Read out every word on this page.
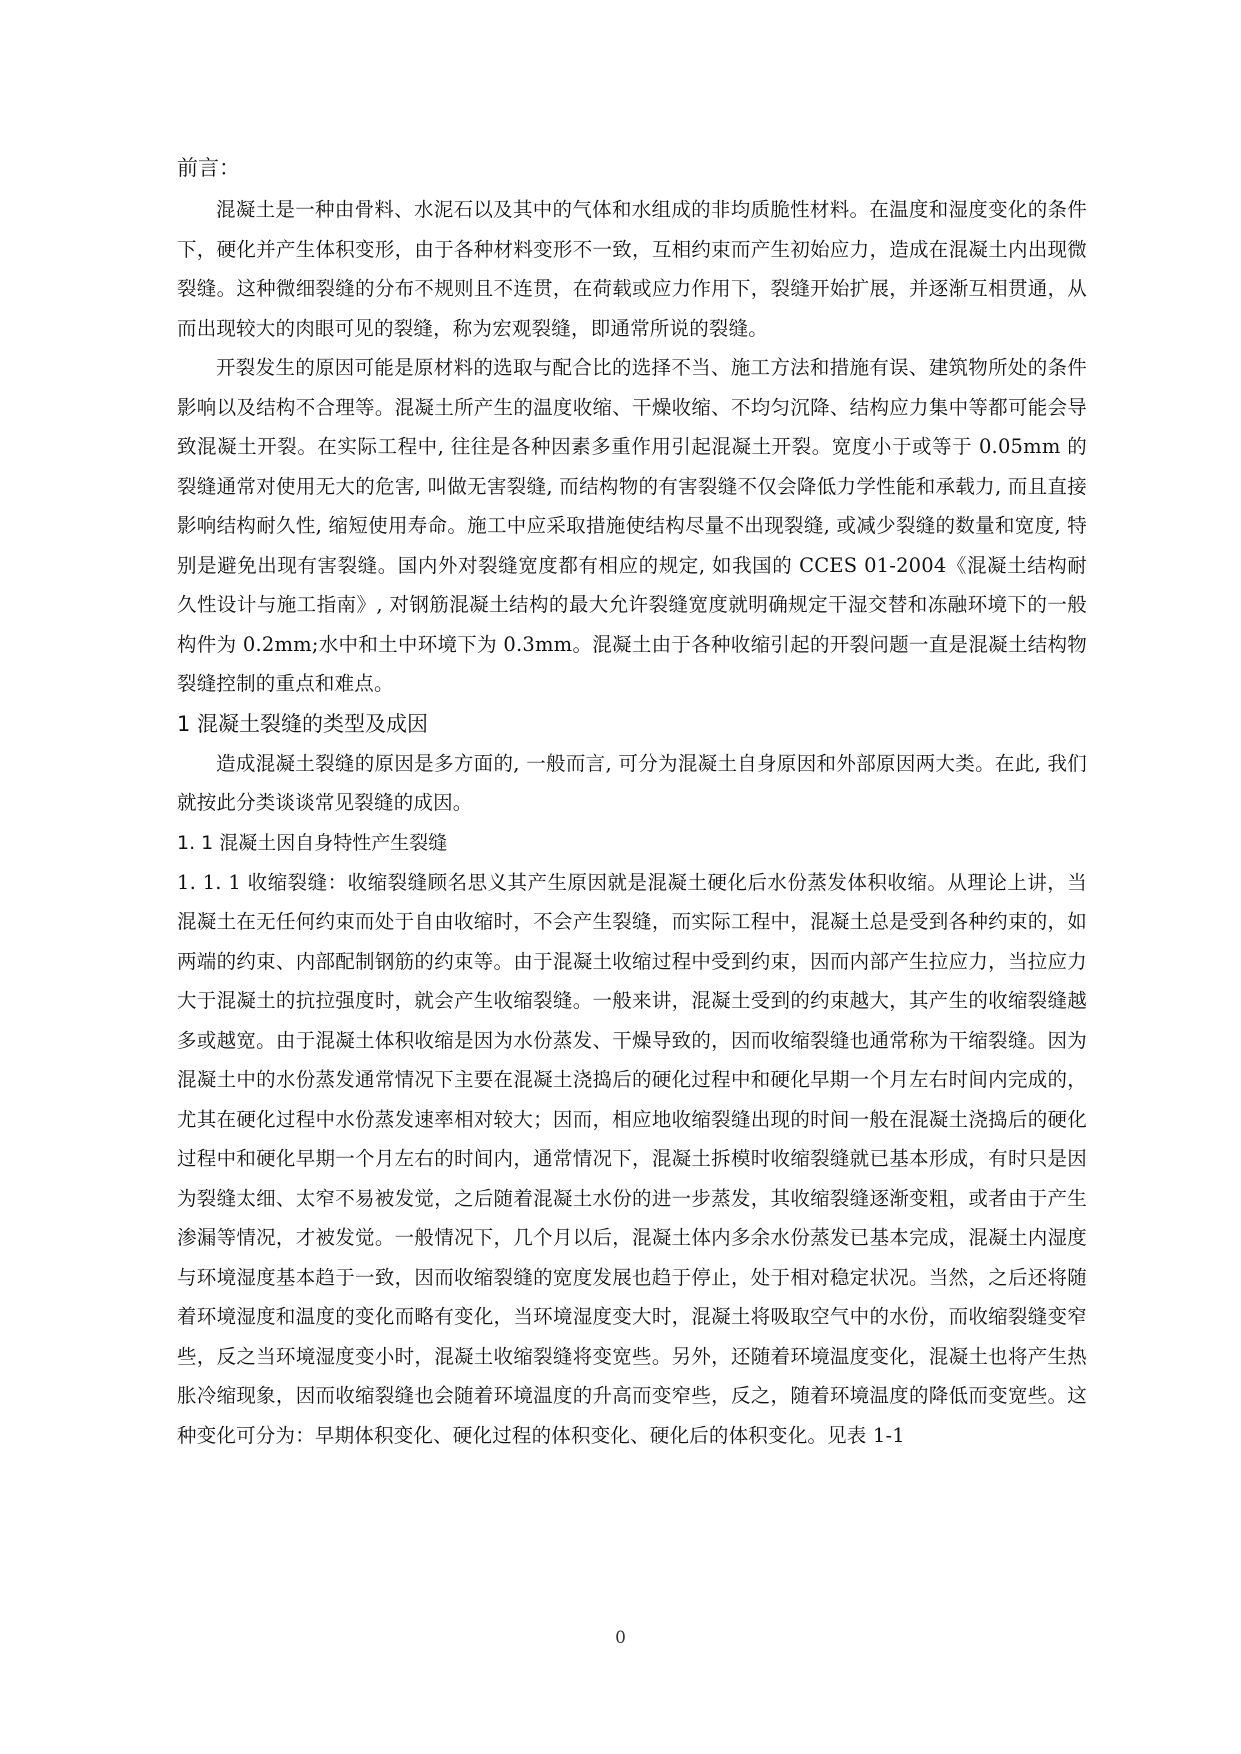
前言：

混凝土是一种由骨料、水泥石以及其中的气体和水组成的非均质脆性材料。在温度和湿度变化的条件下，硬化并产生体积变形，由于各种材料变形不一致，互相约束而产生初始应力，造成在混凝土内出现微裂缝。这种微细裂缝的分布不规则且不连贯，在荷载或应力作用下，裂缝开始扩展，并逐渐互相贯通，从而出现较大的肉眼可见的裂缝，称为宏观裂缝，即通常所说的裂缝。

开裂发生的原因可能是原材料的选取与配合比的选择不当、施工方法和措施有误、建筑物所处的条件影响以及结构不合理等。混凝土所产生的温度收缩、干燥收缩、不均匀沉降、结构应力集中等都可能会导致混凝土开裂。在实际工程中, 往往是各种因素多重作用引起混凝土开裂。宽度小于或等于 0.05mm 的裂缝通常对使用无大的危害, 叫做无害裂缝, 而结构物的有害裂缝不仅会降低力学性能和承载力, 而且直接影响结构耐久性, 缩短使用寿命。施工中应采取措施使结构尽量不出现裂缝, 或减少裂缝的数量和宽度, 特别是避免出现有害裂缝。国内外对裂缝宽度都有相应的规定, 如我国的 CCES 01-2004《混凝土结构耐久性设计与施工指南》, 对钢筋混凝土结构的最大允许裂缝宽度就明确规定干湿交替和冻融环境下的一般构件为 0.2mm;水中和土中环境下为 0.3mm。混凝土由于各种收缩引起的开裂问题一直是混凝土结构物裂缝控制的重点和难点。

1 混凝土裂缝的类型及成因

造成混凝土裂缝的原因是多方面的, 一般而言, 可分为混凝土自身原因和外部原因两大类。在此, 我们就按此分类谈谈常见裂缝的成因。

1. 1 混凝土因自身特性产生裂缝

1. 1. 1 收缩裂缝：收缩裂缝顾名思义其产生原因就是混凝土硬化后水份蒸发体积收缩。从理论上讲，当混凝土在无任何约束而处于自由收缩时，不会产生裂缝，而实际工程中，混凝土总是受到各种约束的，如两端的约束、内部配制钢筋的约束等。由于混凝土收缩过程中受到约束，因而内部产生拉应力，当拉应力大于混凝土的抗拉强度时，就会产生收缩裂缝。一般来讲，混凝土受到的约束越大，其产生的收缩裂缝越多或越宽。由于混凝土体积收缩是因为水份蒸发、干燥导致的，因而收缩裂缝也通常称为干缩裂缝。因为混凝土中的水份蒸发通常情况下主要在混凝土浇捣后的硬化过程中和硬化早期一个月左右时间内完成的，尤其在硬化过程中水份蒸发速率相对较大；因而，相应地收缩裂缝出现的时间一般在混凝土浇捣后的硬化过程中和硬化早期一个月左右的时间内，通常情况下，混凝土拆模时收缩裂缝就已基本形成，有时只是因为裂缝太细、太窄不易被发觉，之后随着混凝土水份的进一步蒸发，其收缩裂缝逐渐变粗，或者由于产生渗漏等情况，才被发觉。一般情况下，几个月以后，混凝土体内多余水份蒸发已基本完成，混凝土内湿度与环境湿度基本趋于一致，因而收缩裂缝的宽度发展也趋于停止，处于相对稳定状况。当然，之后还将随着环境湿度和温度的变化而略有变化，当环境湿度变大时，混凝土将吸取空气中的水份，而收缩裂缝变窄些，反之当环境湿度变小时，混凝土收缩裂缝将变宽些。另外，还随着环境温度变化，混凝土也将产生热胀冷缩现象，因而收缩裂缝也会随着环境温度的升高而变窄些，反之，随着环境温度的降低而变宽些。这种变化可分为：早期体积变化、硬化过程的体积变化、硬化后的体积变化。见表 1-1

0
